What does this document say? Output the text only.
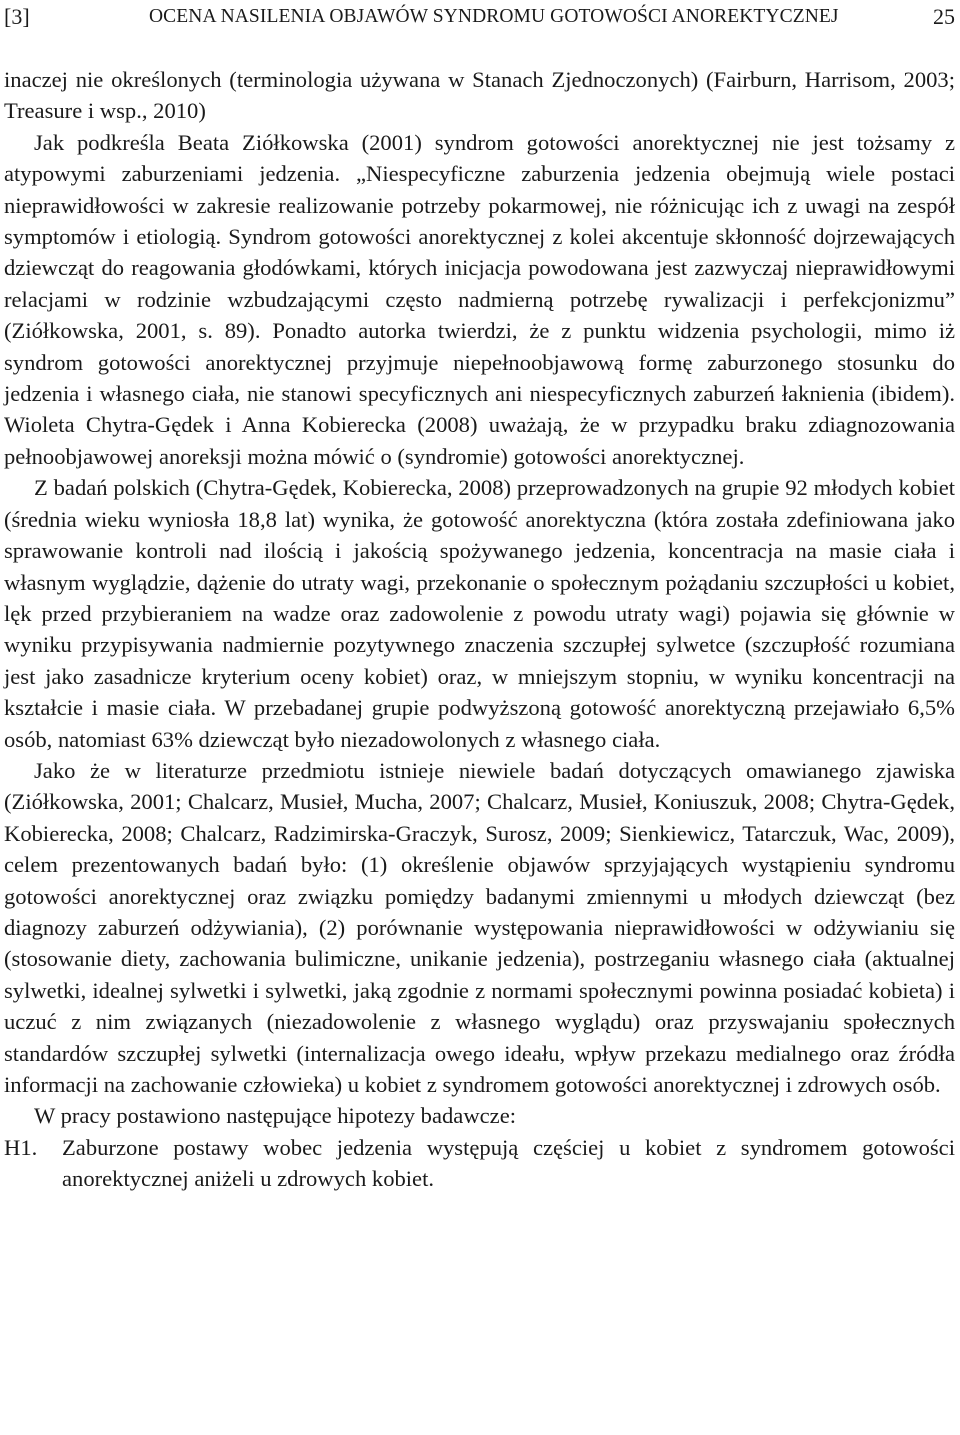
[3]	OCENA NASILENIA OBJAWÓW SYNDROMU GOTOWOŚCI ANOREKTYCZNEJ	25

inaczej nie określonych (terminologia używana w Stanach Zjednoczonych) (Fairburn, Harrisom, 2003; Treasure i wsp., 2010)

Jak podkreśla Beata Ziółkowska (2001) syndrom gotowości anorektycznej nie jest tożsamy z atypowymi zaburzeniami jedzenia. „Niespecyficzne zaburzenia jedzenia obejmują wiele postaci nieprawidłowości w zakresie realizowanie potrzeby pokarmowej, nie różnicując ich z uwagi na zespół symptomów i etiologią. Syndrom gotowości anorektycznej z kolei akcentuje skłonność dojrzewających dziewcząt do reagowania głodówkami, których inicjacja powodowana jest zazwyczaj nieprawidłowymi relacjami w rodzinie wzbudzającymi często nadmierną potrzebę rywalizacji i perfekcjonizmu” (Ziółkowska, 2001, s. 89). Ponadto autorka twierdzi, że z punktu widzenia psychologii, mimo iż syndrom gotowości anorektycznej przyjmuje niepełnoobjawową formę zaburzonego stosunku do jedzenia i własnego ciała, nie stanowi specyficznych ani niespecyficznych zaburzeń łaknienia (ibidem). Wioleta Chytra-Gędek i Anna Kobierecka (2008) uważają, że w przypadku braku zdiagnozowania pełnoobjawowej anoreksji można mówić o (syndromie) gotowości anorektycznej.

Z badań polskich (Chytra-Gędek, Kobierecka, 2008) przeprowadzonych na grupie 92 młodych kobiet (średnia wieku wyniosła 18,8 lat) wynika, że gotowość anorektyczna (która została zdefiniowana jako sprawowanie kontroli nad ilością i jakością spożywanego jedzenia, koncentracja na masie ciała i własnym wyglądzie, dążenie do utraty wagi, przekonanie o społecznym pożądaniu szczupłości u kobiet, lęk przed przybieraniem na wadze oraz zadowolenie z powodu utraty wagi) pojawia się głównie w wyniku przypisywania nadmiernie pozytywnego znaczenia szczupłej sylwetce (szczupłość rozumiana jest jako zasadnicze kryterium oceny kobiet) oraz, w mniejszym stopniu, w wyniku koncentracji na kształcie i masie ciała. W przebadanej grupie podwyższoną gotowość anorektyczną przejawiało 6,5% osób, natomiast 63% dziewcząt było niezadowolonych z własnego ciała.

Jako że w literaturze przedmiotu istnieje niewiele badań dotyczących omawianego zjawiska (Ziółkowska, 2001; Chalcarz, Musieł, Mucha, 2007; Chalcarz, Musieł, Koniuszuk, 2008; Chytra-Gędek, Kobierecka, 2008; Chalcarz, Radzimirska-Graczyk, Surosz, 2009; Sienkiewicz, Tatarczuk, Wac, 2009), celem prezentowanych badań było: (1) określenie objawów sprzyjających wystąpieniu syndromu gotowości anorektycznej oraz związku pomiędzy badanymi zmiennymi u młodych dziewcząt (bez diagnozy zaburzeń odżywiania), (2) porównanie występowania nieprawidłowości w odżywianiu się (stosowanie diety, zachowania bulimiczne, unikanie jedzenia), postrzeganiu własnego ciała (aktualnej sylwetki, idealnej sylwetki i sylwetki, jaką zgodnie z normami społecznymi powinna posiadać kobieta) i uczuć z nim związanych (niezadowolenie z własnego wyglądu) oraz przyswajaniu społecznych standardów szczupłej sylwetki (internalizacja owego ideału, wpływ przekazu medialnego oraz źródła informacji na zachowanie człowieka) u kobiet z syndromem gotowości anorektycznej i zdrowych osób.

W pracy postawiono następujące hipotezy badawcze:

H1.	Zaburzone postawy wobec jedzenia występują częściej u kobiet z syndromem gotowości anorektycznej aniżeli u zdrowych kobiet.
